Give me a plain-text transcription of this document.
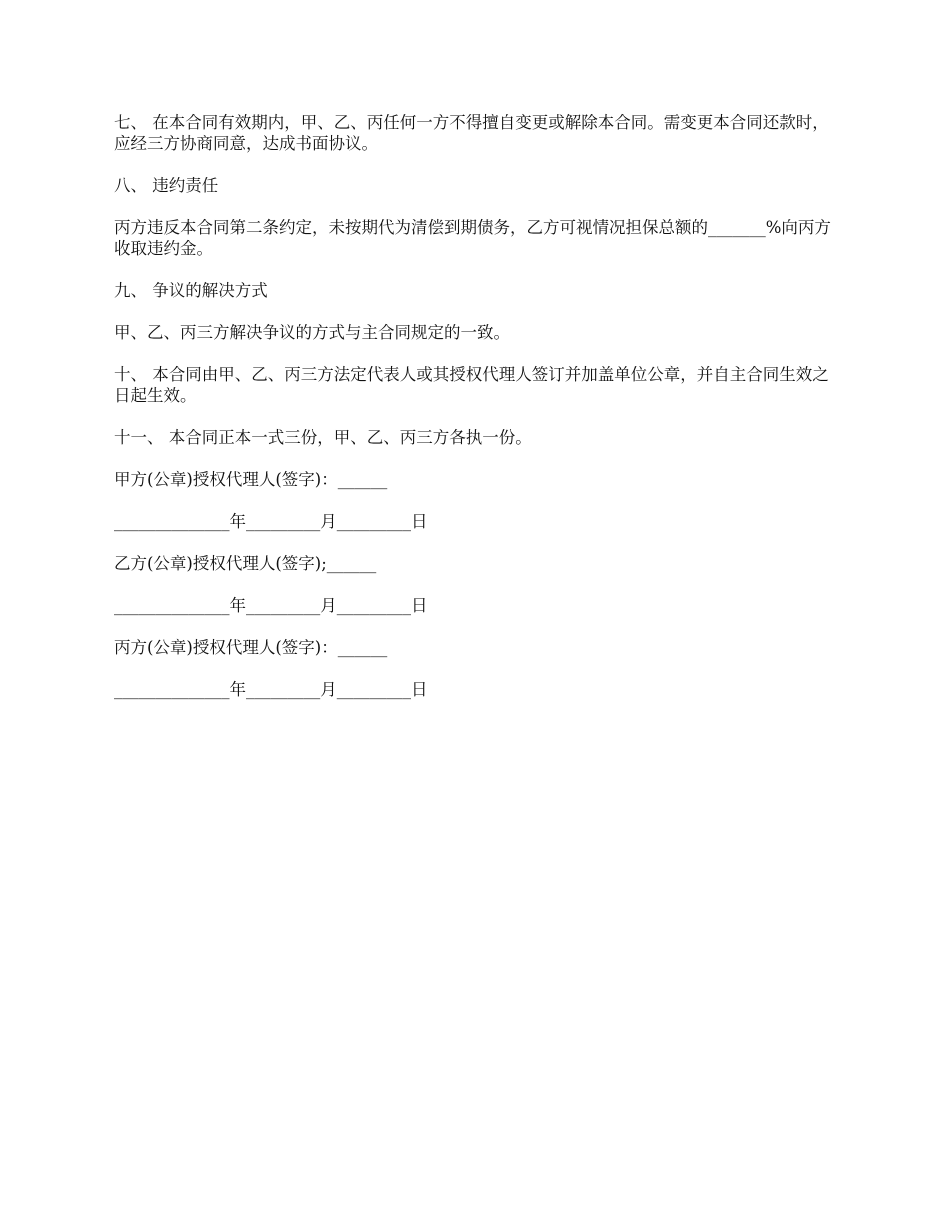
七、 在本合同有效期内，甲、乙、丙任何一方不得擅自变更或解除本合同。需变更本合同还款时，应经三方协商同意，达成书面协议。

八、 违约责任

丙方违反本合同第二条约定，未按期代为清偿到期债务，乙方可视情况担保总额的_______%向丙方收取违约金。

九、 争议的解决方式

甲、乙、丙三方解决争议的方式与主合同规定的一致。

十、 本合同由甲、乙、丙三方法定代表人或其授权代理人签订并加盖单位公章，并自主合同生效之日起生效。

十一、 本合同正本一式三份，甲、乙、丙三方各执一份。

甲方(公章)授权代理人(签字)：______

______________年_________月_________日

乙方(公章)授权代理人(签字);______

______________年_________月_________日

丙方(公章)授权代理人(签字)：______

______________年_________月_________日
